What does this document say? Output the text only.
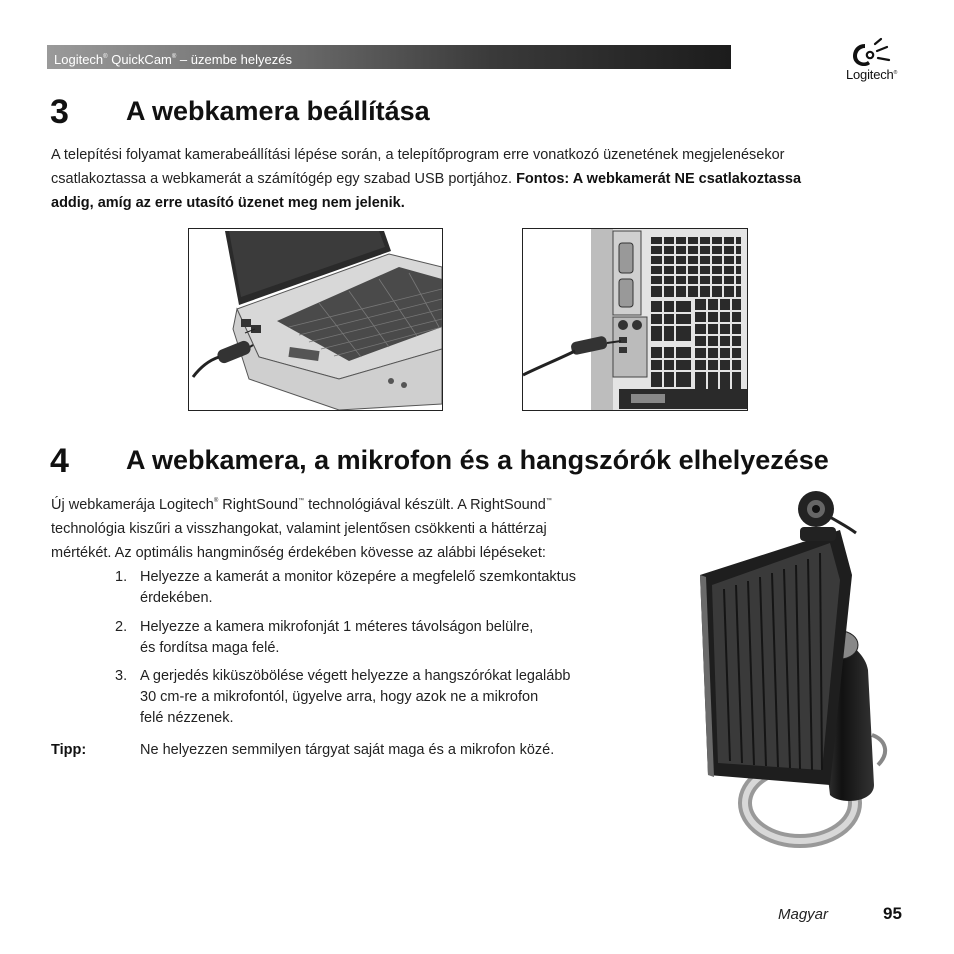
Logitech® QuickCam® – üzembe helyezés
Logitech®
3 A webkamera beállítása
A telepítési folyamat kamerabeállítási lépése során, a telepítőprogram erre vonatkozó üzenetének megjelenésekor
csatlakoztassa a webkamerát a számítógép egy szabad USB portjához. Fontos: A webkamerát NE csatlakoztassa
addig, amíg az erre utasító üzenet meg nem jelenik.
4 A webkamera, a mikrofon és a hangszórók elhelyezése
Új webkamerája Logitech® RightSound™ technológiával készült. A RightSound™
technológia kiszűri a visszhangokat, valamint jelentősen csökkenti a háttérzaj
mértékét. Az optimális hangminőség érdekében kövesse az alábbi lépéseket:
1. Helyezze a kamerát a monitor közepére a megfelelő szemkontaktus
érdekében.
2. Helyezze a kamera mikrofonját 1 méteres távolságon belülre,
és fordítsa maga felé.
3. A gerjedés kiküszöbölése végett helyezze a hangszórókat legalább
30 cm-re a mikrofontól, ügyelve arra, hogy azok ne a mikrofon
felé nézzenek.
Tipp:	Ne helyezzen semmilyen tárgyat saját maga és a mikrofon közé.
Magyar	95
